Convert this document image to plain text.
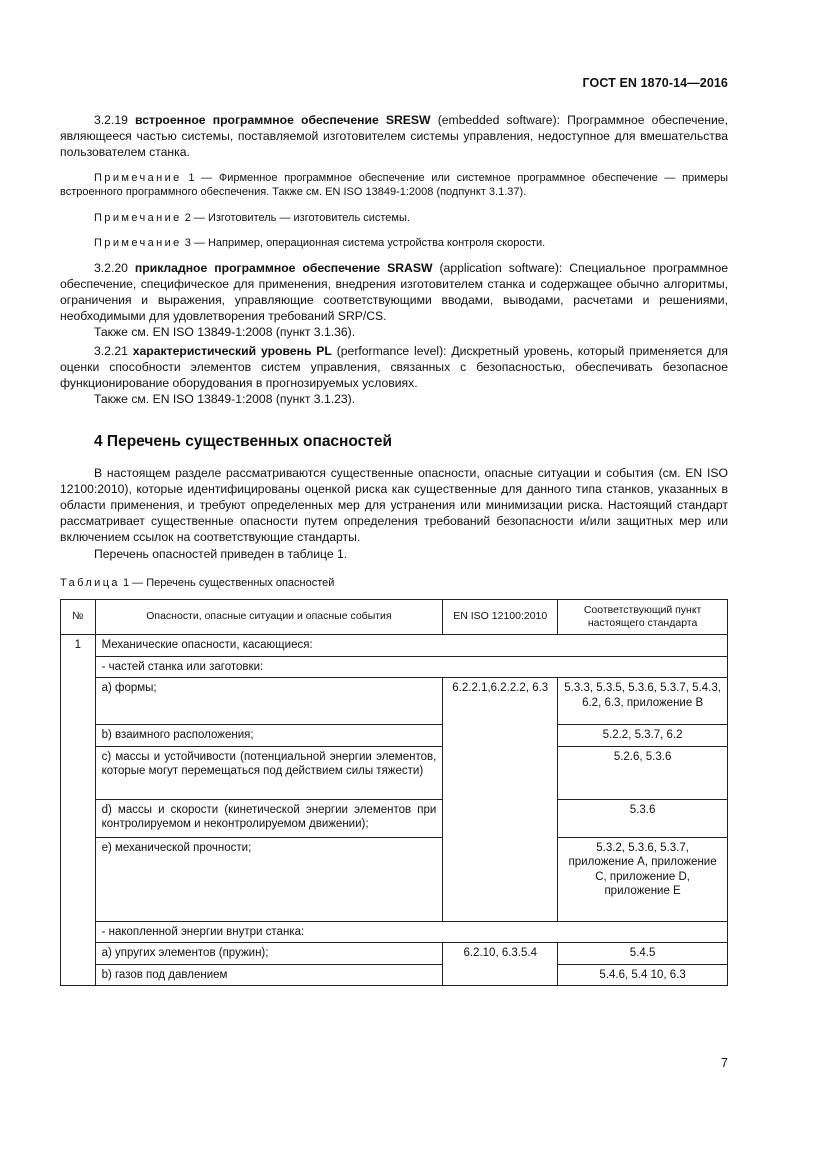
ГОСТ EN 1870-14—2016

3.2.19 встроенное программное обеспечение SRESW (embedded software): Программное обеспечение, являющееся частью системы, поставляемой изготовителем системы управления, недоступное для вмешательства пользователем станка.

Примечание 1 — Фирменное программное обеспечение или системное программное обеспечение — примеры встроенного программного обеспечения. Также см. EN ISO 13849-1:2008 (подпункт 3.1.37).

Примечание 2 — Изготовитель — изготовитель системы.

Примечание 3 — Например, операционная система устройства контроля скорости.

3.2.20 прикладное программное обеспечение SRASW (application software): Специальное программное обеспечение, специфическое для применения, внедрения изготовителем станка и содержащее обычно алгоритмы, ограничения и выражения, управляющие соответствующими вводами, выводами, расчетами и решениями, необходимыми для удовлетворения требований SRP/CS.

Также см. EN ISO 13849-1:2008 (пункт 3.1.36).

3.2.21 характеристический уровень PL (performance level): Дискретный уровень, который применяется для оценки способности элементов систем управления, связанных с безопасностью, обеспечивать безопасное функционирование оборудования в прогнозируемых условиях.

Также см. EN ISO 13849-1:2008 (пункт 3.1.23).

4 Перечень существенных опасностей

В настоящем разделе рассматриваются существенные опасности, опасные ситуации и события (см. EN ISO 12100:2010), которые идентифицированы оценкой риска как существенные для данного типа станков, указанных в области применения, и требуют определенных мер для устранения или минимизации риска. Настоящий стандарт рассматривает существенные опасности путем определения требований безопасности и/или защитных мер или включением ссылок на соответствующие стандарты.

Перечень опасностей приведен в таблице 1.

Таблица 1 — Перечень существенных опасностей
№	Опасности, опасные ситуации и опасные события	EN ISO 12100:2010	Соответствующий пункт настоящего стандарта
1	Механические опасности, касающиеся:		
	- частей станка или заготовки:		
	a) формы;	6.2.2.1,6.2.2.2, 6.3	5.3.3, 5.3.5, 5.3.6, 5.3.7, 5.4.3, 6.2, 6.3, приложение В
	b) взаимного расположения;		5.2.2, 5.3.7, 6.2
	c) массы и устойчивости (потенциальной энергии элементов, которые могут перемещаться под действием силы тяжести)		5.2.6, 5.3.6
	d) массы и скорости (кинетической энергии элементов при контролируемом и неконтролируемом движении);		5.3.6
	e) механической прочности;		5.3.2, 5.3.6, 5.3.7, приложение А, приложение С, приложение D, приложение Е
	- накопленной энергии внутри станка:		
	a) упругих элементов (пружин);	6.2.10, 6.3.5.4	5.4.5
	b) газов под давлением		5.4.6, 5.4 10, 6.3
7
